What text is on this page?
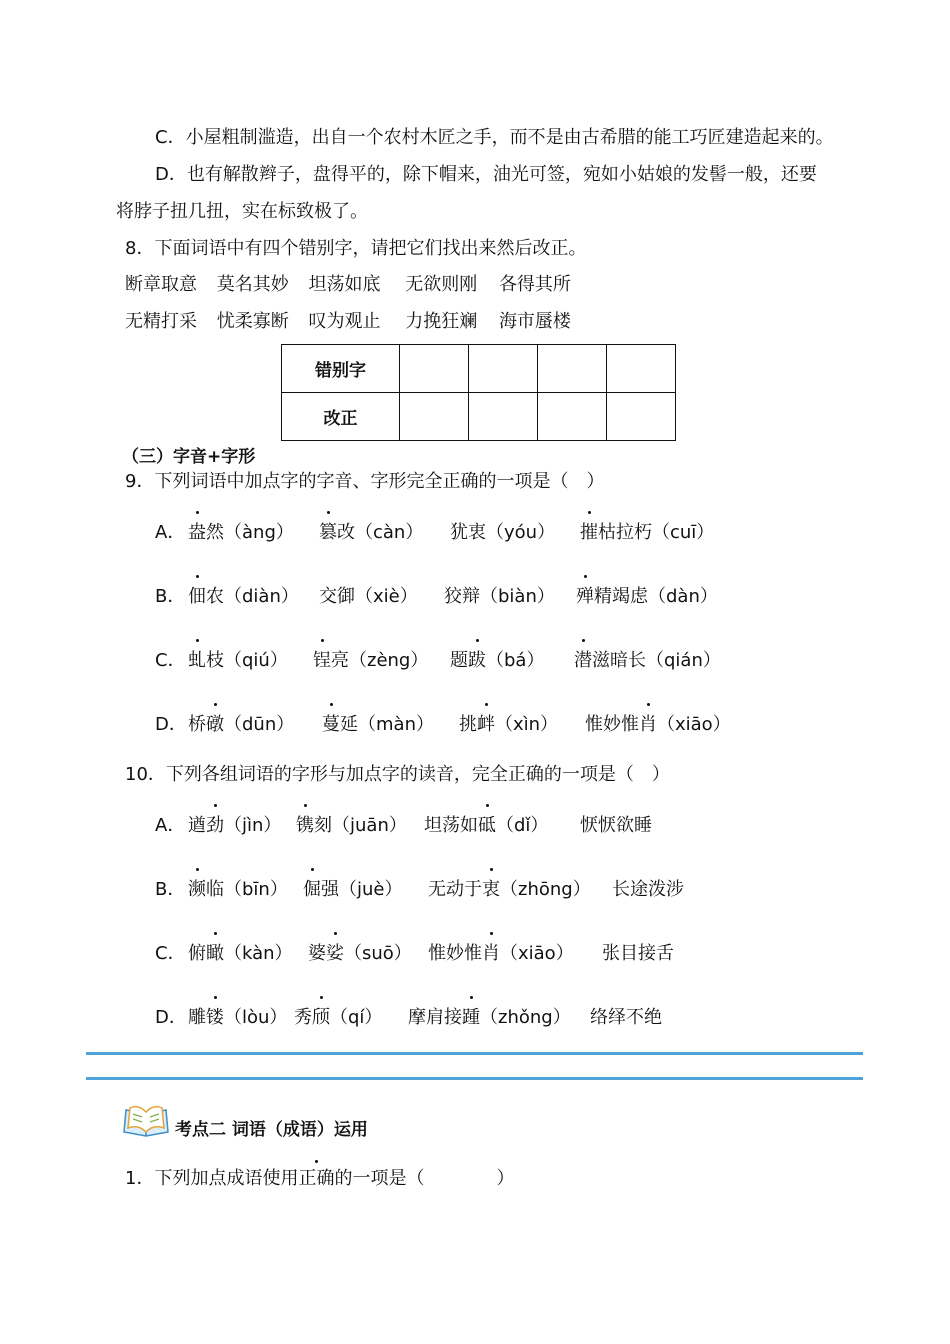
C．小屋粗制滥造，出自一个农村木匠之手，而不是由古希腊的能工巧匠建造起来的。
D．也有解散辫子，盘得平的，除下帽来，油光可签，宛如小姑娘的发髻一般，还要
将脖子扭几扭，实在标致极了。
8．下面词语中有四个错别字，请把它们找出来然后改正。
断章取意 莫名其妙 坦荡如底 无欲则刚 各得其所
无精打采 忧柔寡断 叹为观止 力挽狂斓 海市蜃楼
错别字				
改正				
（三）字音+字形
9．下列词语中加点字的字音、字形完全正确的一项是（　）
A． 盎然（àng） 篡改（càn） 犹衷（yóu） 摧枯拉朽（cuī）
B． 佃农（diàn） 交御（xiè） 狡辩（biàn） 殚精竭虑（dàn）
C． 虬枝（qiú） 锃亮（zèng） 题跋（bá） 潜滋暗长（qián）
D． 桥礅（dūn） 蔓延（màn） 挑衅（xìn） 惟妙惟肖（xiāo）
10．下列各组词语的字形与加点字的读音，完全正确的一项是（　）
A． 遒劲（jìn） 镌刻（juān） 坦荡如砥（dǐ） 恹恹欲睡
B． 濒临（bīn） 倔强（juè） 无动于衷（zhōng） 长途泼涉
C． 俯瞰（kàn） 婆娑（suō） 惟妙惟肖（xiāo） 张目接舌
D． 雕镂（lòu） 秀颀（qí） 摩肩接踵（zhǒng） 络绎不绝
考点二 词语（成语）运用
1．下列加点成语使用正确的一项是（　　　　）
